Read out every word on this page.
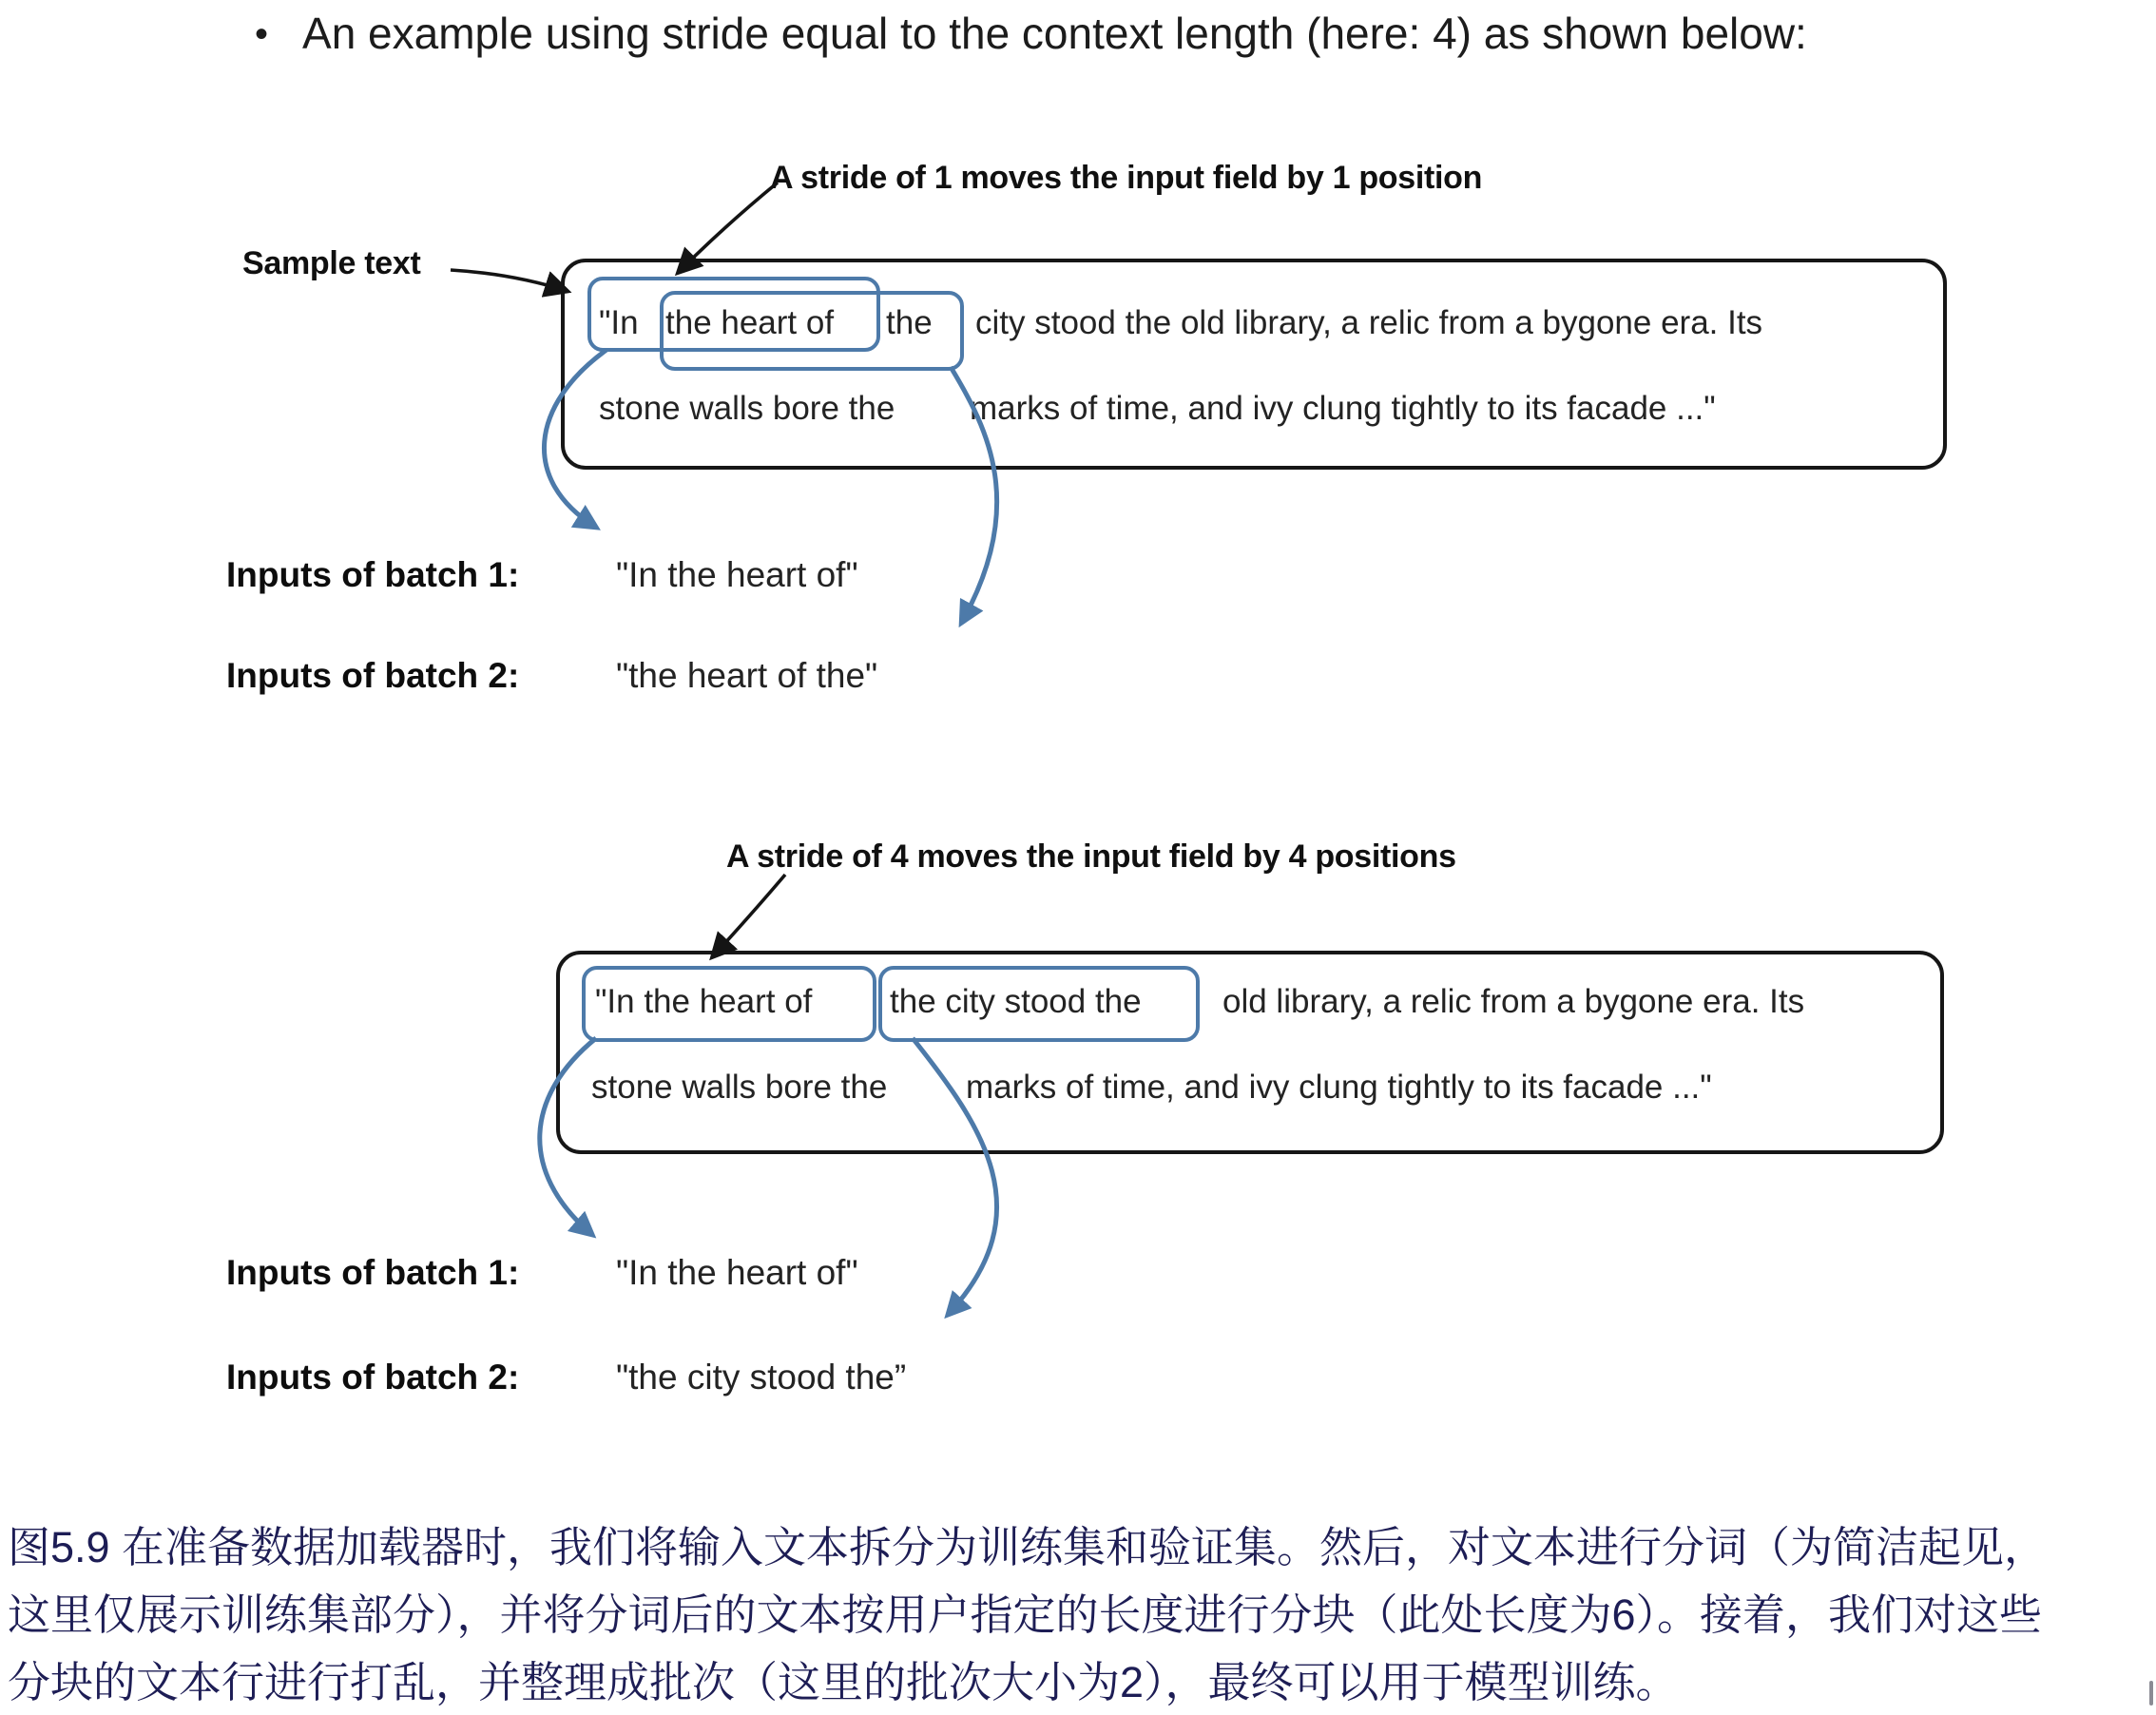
• An example using stride equal to the context length (here: 4) as shown below:
A stride of 1 moves the input field by 1 position
Sample text
"In the heart of the city stood the old library, a relic from a bygone era. Its
stone walls bore the marks of time, and ivy clung tightly to its facade ..."
Inputs of batch 1:	"In the heart of"
Inputs of batch 2:	"the heart of the"
A stride of 4 moves the input field by 4 positions
"In the heart of the city stood the old library, a relic from a bygone era. Its
stone walls bore the marks of time, and ivy clung tightly to its facade ..."
Inputs of batch 1:	"In the heart of"
Inputs of batch 2:	"the city stood the”
图5.9 在准备数据加载器时，我们将输入文本拆分为训练集和验证集。然后，对文本进行分词（为简洁起见，
这里仅展示训练集部分），并将分词后的文本按用户指定的长度进行分块（此处长度为6）。接着，我们对这些
分块的文本行进行打乱，并整理成批次（这里的批次大小为2），最终可以用于模型训练。
